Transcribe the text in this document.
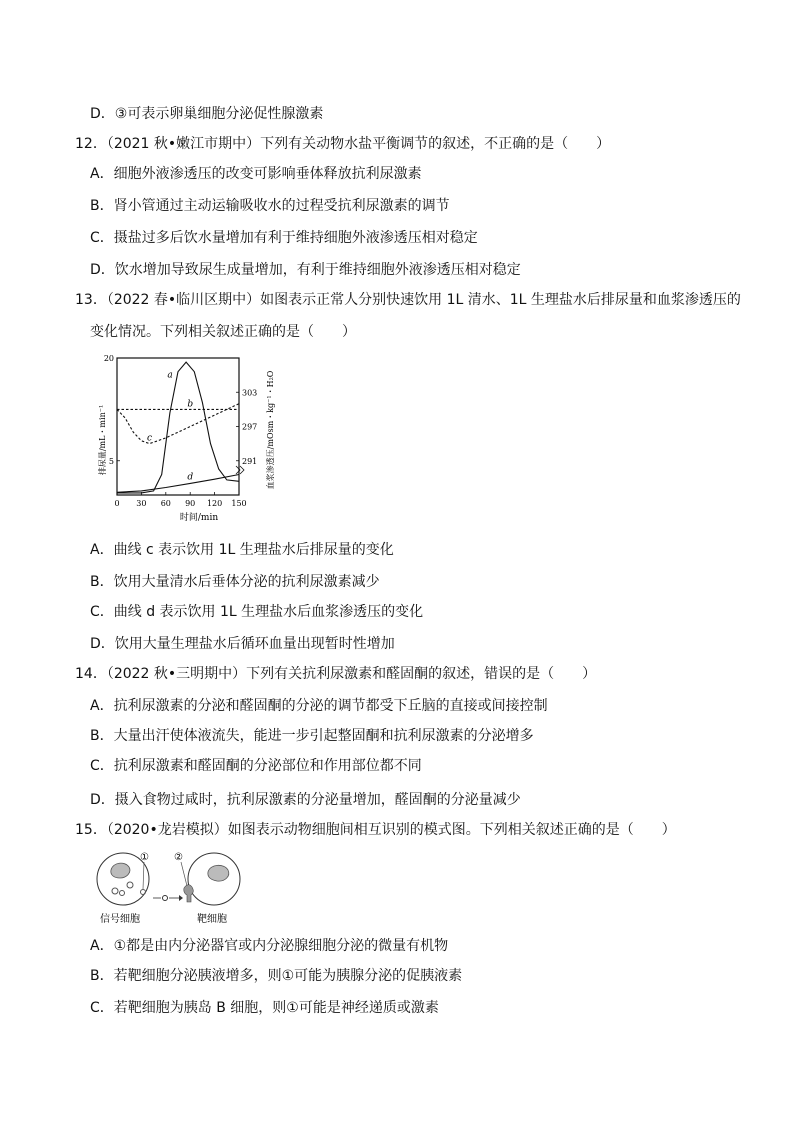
D．③可表示卵巢细胞分泌促性腺激素
12．（2021 秋•嫩江市期中）下列有关动物水盐平衡调节的叙述，不正确的是（　　）
A．细胞外液渗透压的改变可影响垂体释放抗利尿激素
B．肾小管通过主动运输吸收水的过程受抗利尿激素的调节
C．摄盐过多后饮水量增加有利于维持细胞外液渗透压相对稳定
D．饮水增加导致尿生成量增加，有利于维持细胞外液渗透压相对稳定
13．（2022 春•临川区期中）如图表示正常人分别快速饮用 1L 清水、1L 生理盐水后排尿量和血浆渗透压的
变化情况。下列相关叙述正确的是（　　）
A．曲线 c 表示饮用 1L 生理盐水后排尿量的变化
B．饮用大量清水后垂体分泌的抗利尿激素减少
C．曲线 d 表示饮用 1L 生理盐水后血浆渗透压的变化
D．饮用大量生理盐水后循环血量出现暂时性增加
14．（2022 秋•三明期中）下列有关抗利尿激素和醛固酮的叙述，错误的是（　　）
A．抗利尿激素的分泌和醛固酮的分泌的调节都受下丘脑的直接或间接控制
B．大量出汗使体液流失，能进一步引起整固酮和抗利尿激素的分泌增多
C．抗利尿激素和醛固酮的分泌部位和作用部位都不同
D．摄入食物过咸时，抗利尿激素的分泌量增加，醛固酮的分泌量减少
15．（2020•龙岩模拟）如图表示动物细胞间相互识别的模式图。下列相关叙述正确的是（　　）
A．①都是由内分泌器官或内分泌腺细胞分泌的微量有机物
B．若靶细胞分泌胰液增多，则①可能为胰腺分泌的促胰液素
C．若靶细胞为胰岛 B 细胞，则①可能是神经递质或激素
5
20
303
297
291
0 30 60 90 120 150
a
b
c
d
时间/min
排尿量/mL・min⁻¹	血浆渗透压/mOsm・kg⁻¹・H₂O
①	②
信号细胞	靶细胞
